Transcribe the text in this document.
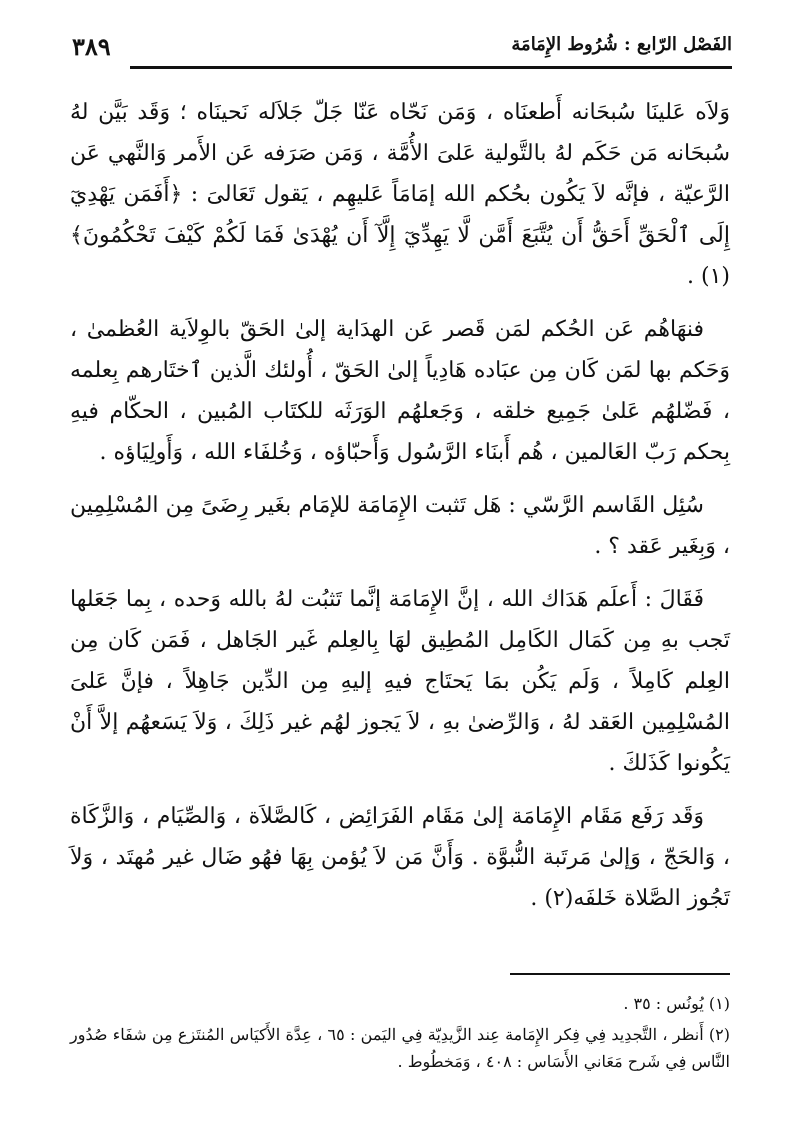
٣٨٩	الفَصْل الرّابع : شُرُوط الإِمَامَة

وَلاَه عَلينَا سُبحَانه أَطعنَاه ، وَمَن نَحّاه عَنّا جَلّ جَلاَله نَحينَاه ؛ وَقَد بَيَّن لهُ سُبحَانه مَن حَكَم لهُ بالتَّولية عَلىَ الأُمَّة ، وَمَن صَرَفه عَن الأَمر وَالنَّهي عَن الرَّعيّة ، فإنَّه لاَ يَكُون بحُكم الله إمَامَاً عَليهِم ، يَقول تَعَالىَ : ﴿أَفَمَن يَهْدِيٓ إِلَى ٱلْحَقِّ أَحَقُّ أَن يُتَّبَعَ أَمَّن لَّا يَهِدِّيٓ إِلَّآ أَن يُهْدَىٰ فَمَا لَكُمْ كَيْفَ تَحْكُمُونَ﴾(١) .

فنهَاهُم عَن الحُكم لمَن قَصر عَن الهدَاية إلىٰ الحَقّ بالوِلاَية العُظمىٰ ، وَحَكم بها لمَن كَان مِن عبَاده هَادِياً إلىٰ الحَقّ ، أُولئك الَّذين ٱختَارهم بِعلمه ، فَضّلهُم عَلىٰ جَمِيع خلقه ، وَجَعلهُم الوَرَثَه للكتَاب المُبين ، الحكّام فيهِ بِحكم رَبّ العَالمين ، هُم أَبنَاء الرَّسُول وَأَحبّاؤه ، وَخُلفَاء الله ، وَأَولِيَاؤه .

سُئِل القَاسم الرَّسّي : هَل تَثبت الإِمَامَة للإمَام بغَير رِضَىً مِن المُسْلِمِين ، وَبِغَير عَقد ؟ .

فَقَالَ : أَعلَم هَدَاك الله ، إنَّ الإِمَامَة إنَّما تَثبُت لهُ بالله وَحده ، بِما جَعَلها تَجب بهِ مِن كَمَال الكَامِل المُطِيق لهَا بِالعِلم غَير الجَاهل ، فَمَن كَان مِن العِلم كَامِلاً ، وَلَم يَكُن بمَا يَحتَاج فيهِ إليهِ مِن الدِّين جَاهِلاً ، فإنَّ عَلىَ المُسْلِمِين العَقد لهُ ، وَالرِّضىٰ بهِ ، لاَ يَجوز لهُم غير ذَلِكَ ، وَلاَ يَسَعهُم إلاَّ أَنْ يَكُونوا كَذَلكَ .

وَقَد رَفَع مَقَام الإِمَامَة إلىٰ مَقَام الفَرَائِض ، كَالصَّلاَة ، وَالصِّيَام ، وَالزَّكَاة ، وَالحَجّ ، وَإلىٰ مَرتَبة النُّبوَّة . وَأَنَّ مَن لاَ يُؤمن بِهَا فهُو ضَال غير مُهتَد ، وَلاَ تَجُوز الصَّلاة خَلفَه(٢) .

(١) يُونُس : ٣٥ .

(٢) أَنظر ، التَّجدِيد فِي فِكر الإِمَامة عِند الزَّيدِيّة فِي اليَمن : ٦٥ ، عِدَّة الأَكيَاس المُنتَزع مِن شفَاء صُدُور النَّاس فِي شَرح مَعَاني الأَسَاس : ٤٠٨ ، وَمَخطُوط .
